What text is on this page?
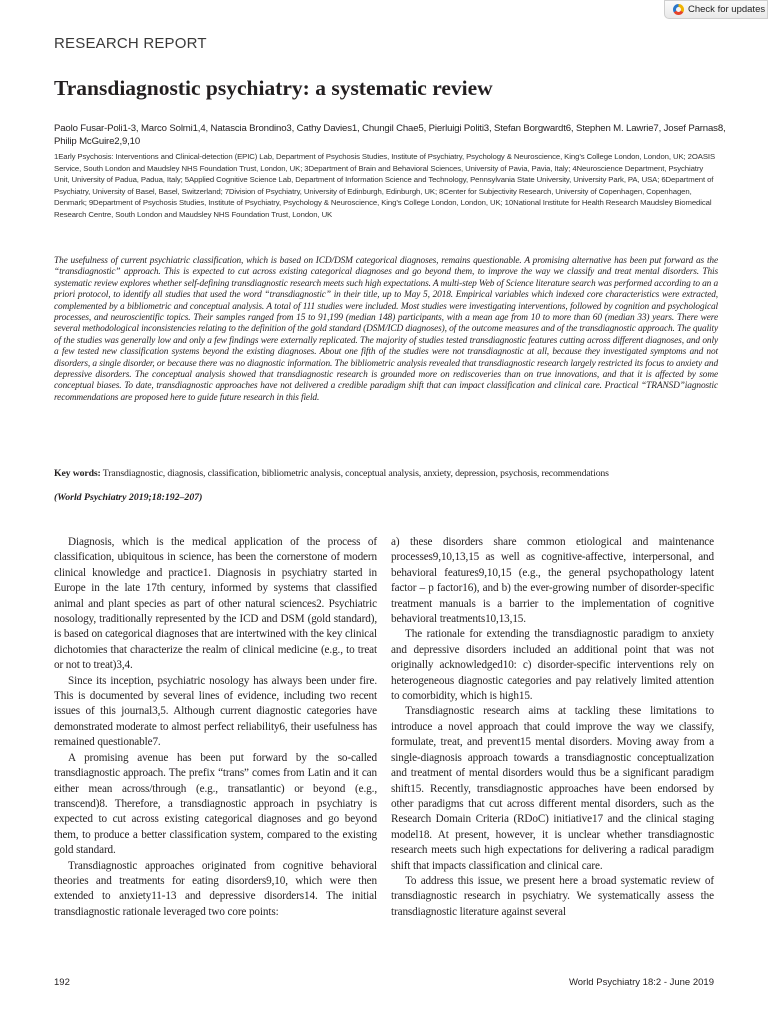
Check for updates
RESEARCH REPORT
Transdiagnostic psychiatry: a systematic review
Paolo Fusar-Poli1-3, Marco Solmi1,4, Natascia Brondino3, Cathy Davies1, Chungil Chae5, Pierluigi Politi3, Stefan Borgwardt6, Stephen M. Lawrie7, Josef Parnas8, Philip McGuire2,9,10
1Early Psychosis: Interventions and Clinical-detection (EPIC) Lab, Department of Psychosis Studies, Institute of Psychiatry, Psychology & Neuroscience, King’s College London, London, UK; 2OASIS Service, South London and Maudsley NHS Foundation Trust, London, UK; 3Department of Brain and Behavioral Sciences, University of Pavia, Pavia, Italy; 4Neuroscience Department, Psychiatry Unit, University of Padua, Padua, Italy; 5Applied Cognitive Science Lab, Department of Information Science and Technology, Pennsylvania State University, University Park, PA, USA; 6Department of Psychiatry, University of Basel, Basel, Switzerland; 7Division of Psychiatry, University of Edinburgh, Edinburgh, UK; 8Center for Subjectivity Research, University of Copenhagen, Copenhagen, Denmark; 9Department of Psychosis Studies, Institute of Psychiatry, Psychology & Neuroscience, King’s College London, London, UK; 10National Institute for Health Research Maudsley Biomedical Research Centre, South London and Maudsley NHS Foundation Trust, London, UK
The usefulness of current psychiatric classification, which is based on ICD/DSM categorical diagnoses, remains questionable. A promising alternative has been put forward as the “transdiagnostic” approach. This is expected to cut across existing categorical diagnoses and go beyond them, to improve the way we classify and treat mental disorders. This systematic review explores whether self-defining transdiagnostic research meets such high expectations. A multi-step Web of Science literature search was performed according to an a priori protocol, to identify all studies that used the word “transdiagnostic” in their title, up to May 5, 2018. Empirical variables which indexed core characteristics were extracted, complemented by a bibliometric and conceptual analysis. A total of 111 studies were included. Most studies were investigating interventions, followed by cognition and psychological processes, and neuroscientific topics. Their samples ranged from 15 to 91,199 (median 148) participants, with a mean age from 10 to more than 60 (median 33) years. There were several methodological inconsistencies relating to the definition of the gold standard (DSM/ICD diagnoses), of the outcome measures and of the transdiagnostic approach. The quality of the studies was generally low and only a few findings were externally replicated. The majority of studies tested transdiagnostic features cutting across different diagnoses, and only a few tested new classification systems beyond the existing diagnoses. About one fifth of the studies were not transdiagnostic at all, because they investigated symptoms and not disorders, a single disorder, or because there was no diagnostic information. The bibliometric analysis revealed that transdiagnostic research largely restricted its focus to anxiety and depressive disorders. The conceptual analysis showed that transdiagnostic research is grounded more on rediscoveries than on true innovations, and that it is affected by some conceptual biases. To date, transdiagnostic approaches have not delivered a credible paradigm shift that can impact classification and clinical care. Practical “TRANSD”iagnostic recommendations are proposed here to guide future research in this field.
Key words: Transdiagnostic, diagnosis, classification, bibliometric analysis, conceptual analysis, anxiety, depression, psychosis, recommendations
(World Psychiatry 2019;18:192–207)

Diagnosis, which is the medical application of the process of classification, ubiquitous in science, has been the cornerstone of modern clinical knowledge and practice1. Diagnosis in psychiatry started in Europe in the late 17th century, informed by systems that classified animal and plant species as part of other natural sciences2. Psychiatric nosology, traditionally represented by the ICD and DSM (gold standard), is based on categorical diagnoses that are intertwined with the key clinical dichotomies that characterize the realm of clinical medicine (e.g., to treat or not to treat)3,4.

Since its inception, psychiatric nosology has always been under fire. This is documented by several lines of evidence, including two recent issues of this journal3,5. Although current diagnostic categories have demonstrated moderate to almost perfect reliability6, their usefulness has remained questionable7.

A promising avenue has been put forward by the so-called transdiagnostic approach. The prefix “trans” comes from Latin and it can either mean across/through (e.g., transatlantic) or beyond (e.g., transcend)8. Therefore, a transdiagnostic approach in psychiatry is expected to cut across existing categorical diagnoses and go beyond them, to produce a better classification system, compared to the existing gold standard.

Transdiagnostic approaches originated from cognitive behavioral theories and treatments for eating disorders9,10, which were then extended to anxiety11-13 and depressive disorders14. The initial transdiagnostic rationale leveraged two core points:

a) these disorders share common etiological and maintenance processes9,10,13,15 as well as cognitive-affective, interpersonal, and behavioral features9,10,15 (e.g., the general psychopathology latent factor – p factor16), and b) the ever-growing number of disorder-specific treatment manuals is a barrier to the implementation of cognitive behavioral treatments10,13,15.

The rationale for extending the transdiagnostic paradigm to anxiety and depressive disorders included an additional point that was not originally acknowledged10: c) disorder-specific interventions rely on heterogeneous diagnostic categories and pay relatively limited attention to comorbidity, which is high15.

Transdiagnostic research aims at tackling these limitations to introduce a novel approach that could improve the way we classify, formulate, treat, and prevent15 mental disorders. Moving away from a single-diagnosis approach towards a transdiagnostic conceptualization and treatment of mental disorders would thus be a significant paradigm shift15. Recently, transdiagnostic approaches have been endorsed by other paradigms that cut across different mental disorders, such as the Research Domain Criteria (RDoC) initiative17 and the clinical staging model18. At present, however, it is unclear whether transdiagnostic research meets such high expectations for delivering a radical paradigm shift that impacts classification and clinical care.

To address this issue, we present here a broad systematic review of transdiagnostic research in psychiatry. We systematically assess the transdiagnostic literature against several

192	World Psychiatry 18:2 - June 2019
